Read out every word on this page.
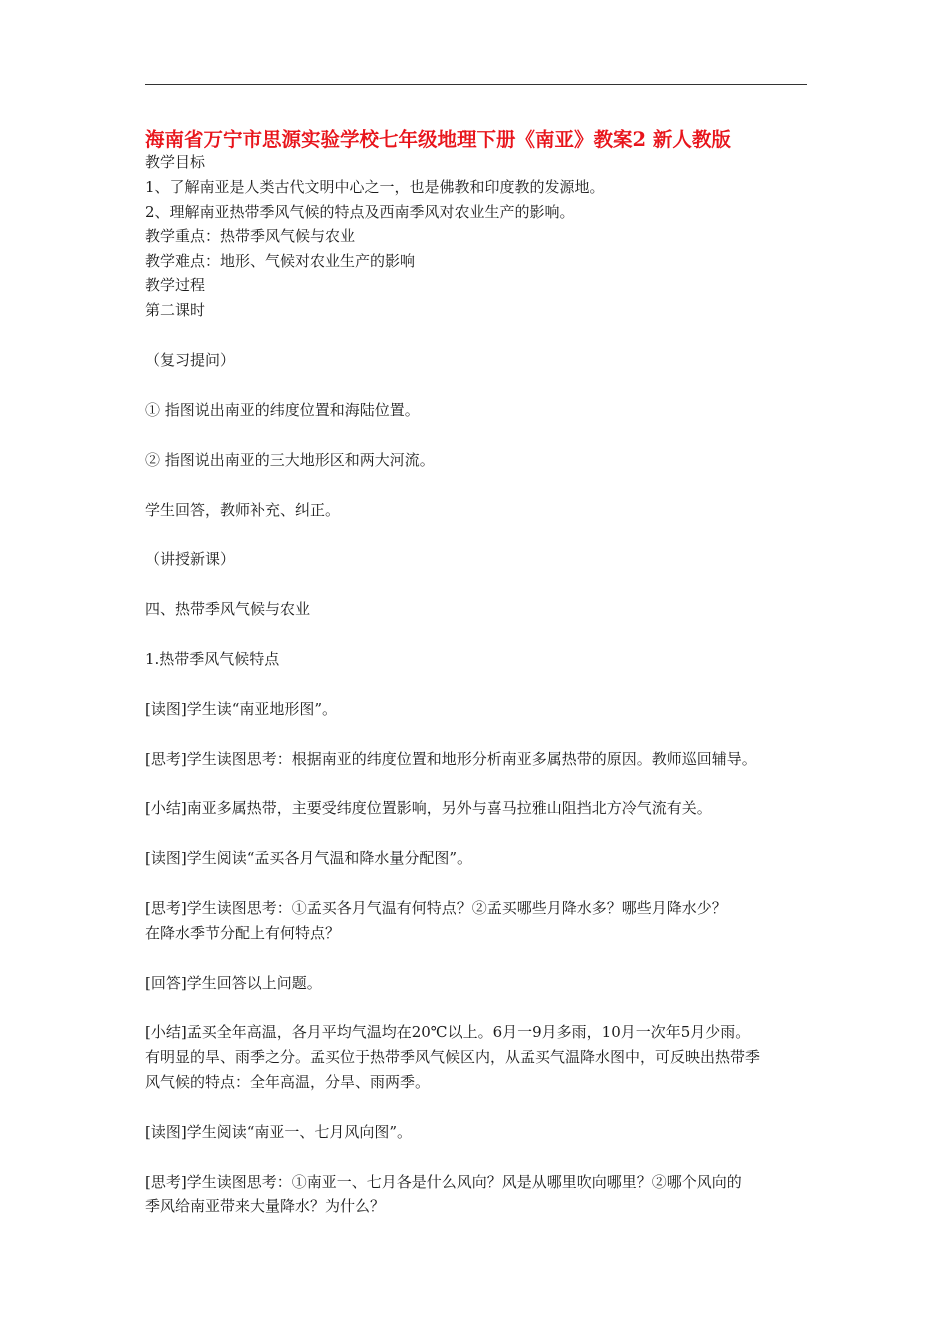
海南省万宁市思源实验学校七年级地理下册《南亚》教案2 新人教版
教学目标
1、了解南亚是人类古代文明中心之一，也是佛教和印度教的发源地。
2、理解南亚热带季风气候的特点及西南季风对农业生产的影响。
教学重点：热带季风气候与农业
教学难点：地形、气候对农业生产的影响
教学过程
第二课时
（复习提问）
① 指图说出南亚的纬度位置和海陆位置。
② 指图说出南亚的三大地形区和两大河流。
学生回答，教师补充、纠正。
（讲授新课）
四、热带季风气候与农业
1.热带季风气候特点
[读图]学生读“南亚地形图”。
[思考]学生读图思考：根据南亚的纬度位置和地形分析南亚多属热带的原因。教师巡回辅导。
[小结]南亚多属热带，主要受纬度位置影响，另外与喜马拉雅山阻挡北方冷气流有关。
[读图]学生阅读“孟买各月气温和降水量分配图”。
[思考]学生读图思考：①孟买各月气温有何特点？②孟买哪些月降水多？哪些月降水少？
在降水季节分配上有何特点？
[回答]学生回答以上问题。
[小结]孟买全年高温，各月平均气温均在20℃以上。6月一9月多雨，10月一次年5月少雨。
有明显的旱、雨季之分。孟买位于热带季风气候区内，从孟买气温降水图中，可反映出热带季
风气候的特点：全年高温，分旱、雨两季。
[读图]学生阅读“南亚一、七月风向图”。
[思考]学生读图思考：①南亚一、七月各是什么风向？风是从哪里吹向哪里？②哪个风向的
季风给南亚带来大量降水？为什么？
